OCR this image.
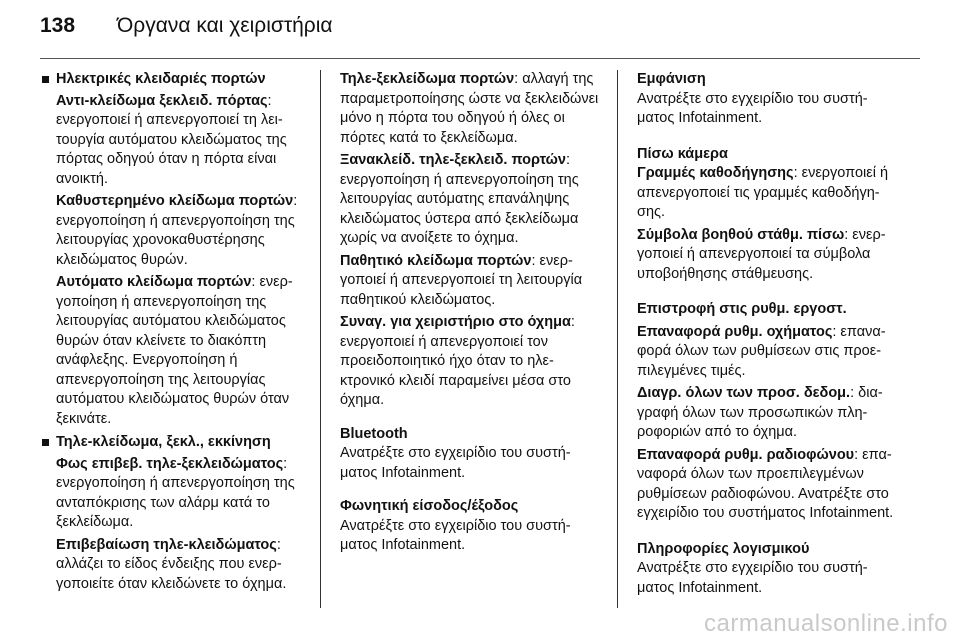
138	Όργανα και χειριστήρια
Ηλεκτρικές κλειδαριές πορτών
Αντι-κλείδωμα ξεκλειδ. πόρτας: ενεργοποιεί ή απενεργοποιεί τη λειτουργία αυτόματου κλειδώματος της πόρτας οδηγού όταν η πόρτα είναι ανοικτή.
Καθυστερημένο κλείδωμα πορτών: ενεργοποίηση ή απενεργοποίηση της λειτουργίας χρονοκαθυστέρησης κλειδώματος θυρών.
Αυτόματο κλείδωμα πορτών: ενεργοποίηση ή απενεργοποίηση της λειτουργίας αυτόματου κλειδώματος θυρών όταν κλείνετε το διακόπτη ανάφλεξης. Ενεργοποίηση ή απενεργοποίηση της λειτουργίας αυτόματου κλειδώματος θυρών όταν ξεκινάτε.
Τηλε-κλείδωμα, ξεκλ., εκκίνηση
Φως επιβεβ. τηλε-ξεκλειδώματος: ενεργοποίηση ή απενεργοποίηση της ανταπόκρισης των αλάρμ κατά το ξεκλείδωμα.
Επιβεβαίωση τηλε-κλειδώματος: αλλάζει το είδος ένδειξης που ενεργοποιείτε όταν κλειδώνετε το όχημα.
Τηλε-ξεκλείδωμα πορτών: αλλαγή της παραμετροποίησης ώστε να ξεκλειδώνει μόνο η πόρτα του οδηγού ή όλες οι πόρτες κατά το ξεκλείδωμα.
Ξανακλείδ. τηλε-ξεκλειδ. πορτών: ενεργοποίηση ή απενεργοποίηση της λειτουργίας αυτόματης επανάληψης κλειδώματος ύστερα από ξεκλείδωμα χωρίς να ανοίξετε το όχημα.
Παθητικό κλείδωμα πορτών: ενεργοποιεί ή απενεργοποιεί τη λειτουργία παθητικού κλειδώματος.
Συναγ. για χειριστήριο στο όχημα: ενεργοποιεί ή απενεργοποιεί τον προειδοποιητικό ήχο όταν το ηλεκτρονικό κλειδί παραμείνει μέσα στο όχημα.
Bluetooth
Ανατρέξτε στο εγχειρίδιο του συστήματος Infotainment.
Φωνητική είσοδος/έξοδος
Ανατρέξτε στο εγχειρίδιο του συστήματος Infotainment.
Εμφάνιση
Ανατρέξτε στο εγχειρίδιο του συστήματος Infotainment.
Πίσω κάμερα
Γραμμές καθοδήγησης: ενεργοποιεί ή απενεργοποιεί τις γραμμές καθοδήγησης.
Σύμβολα βοηθού στάθμ. πίσω: ενεργοποιεί ή απενεργοποιεί τα σύμβολα υποβοήθησης στάθμευσης.
Επιστροφή στις ρυθμ. εργοστ.
Επαναφορά ρυθμ. οχήματος: επαναφορά όλων των ρυθμίσεων στις προεπιλεγμένες τιμές.
Διαγρ. όλων των προσ. δεδομ.: διαγραφή όλων των προσωπικών πληροφοριών από το όχημα.
Επαναφορά ρυθμ. ραδιοφώνου: επαναφορά όλων των προεπιλεγμένων ρυθμίσεων ραδιοφώνου. Ανατρέξτε στο εγχειρίδιο του συστήματος Infotainment.
Πληροφορίες λογισμικού
Ανατρέξτε στο εγχειρίδιο του συστήματος Infotainment.
carmanualsonline.info
